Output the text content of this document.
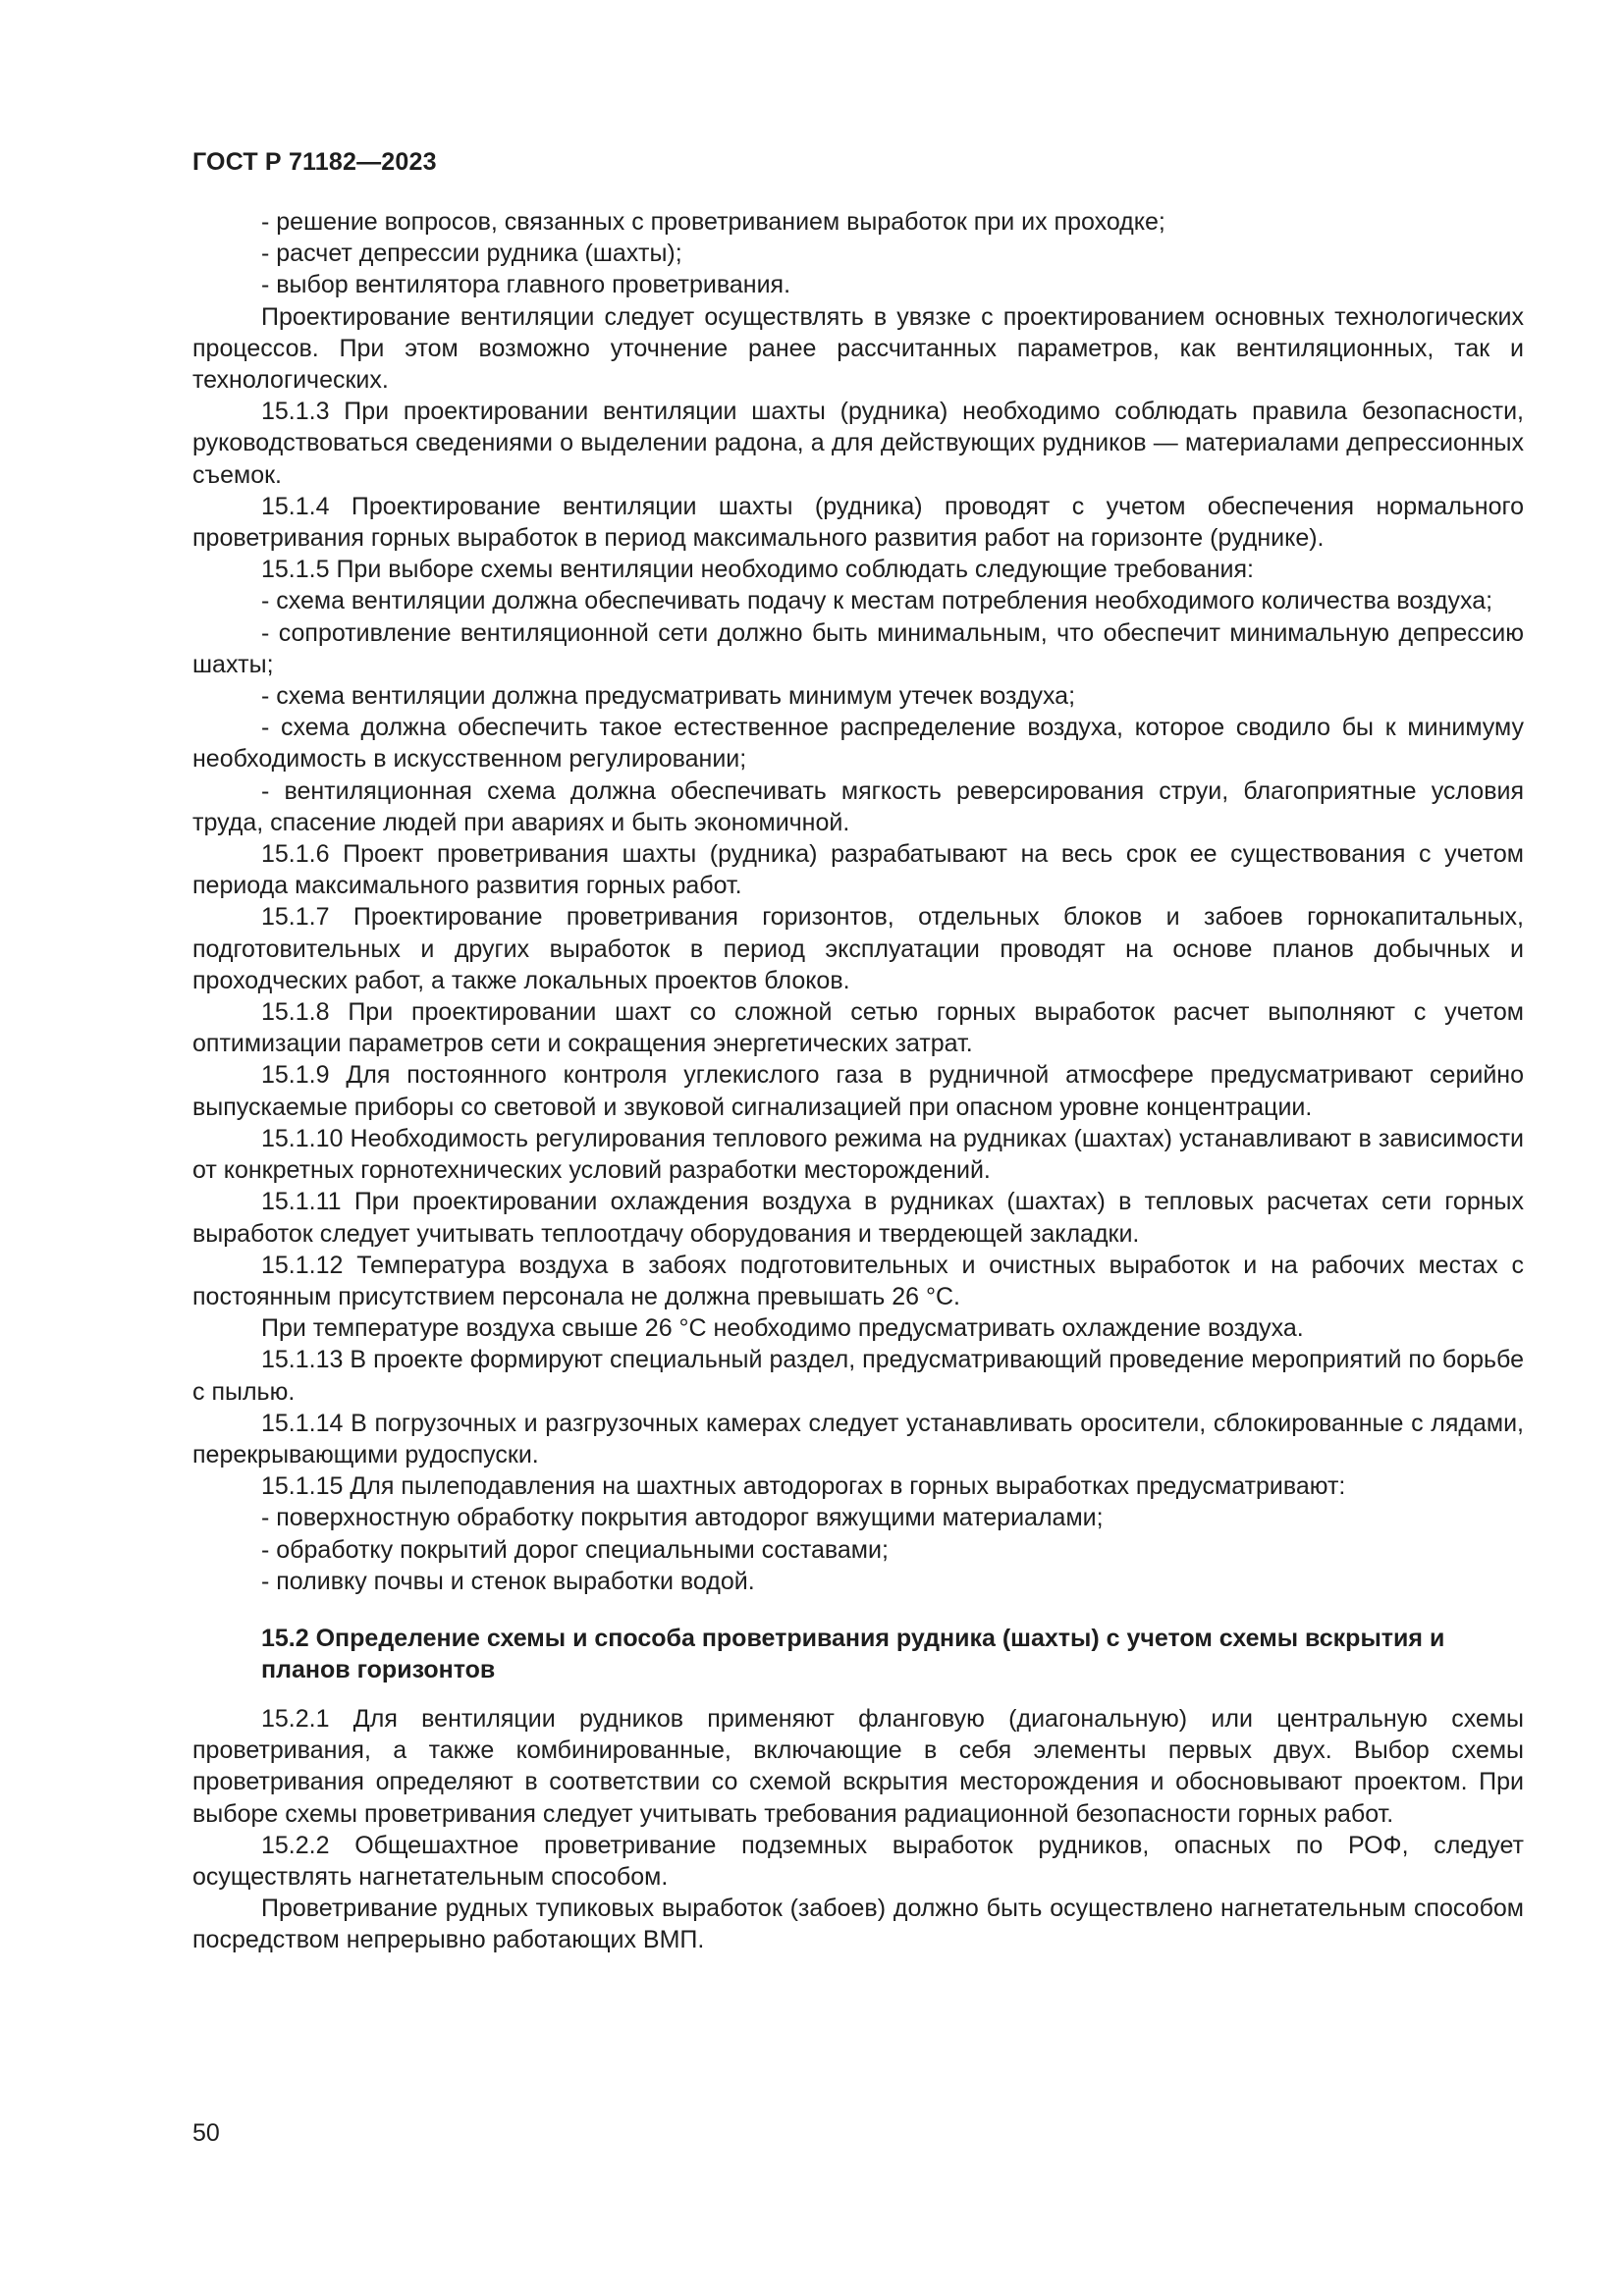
ГОСТ Р 71182—2023

- решение вопросов, связанных с проветриванием выработок при их проходке;

- расчет депрессии рудника (шахты);

- выбор вентилятора главного проветривания.

Проектирование вентиляции следует осуществлять в увязке с проектированием основных технологических процессов. При этом возможно уточнение ранее рассчитанных параметров, как вентиляционных, так и технологических.

15.1.3 При проектировании вентиляции шахты (рудника) необходимо соблюдать правила безопасности, руководствоваться сведениями о выделении радона, а для действующих рудников — материалами депрессионных съемок.

15.1.4 Проектирование вентиляции шахты (рудника) проводят с учетом обеспечения нормального проветривания горных выработок в период максимального развития работ на горизонте (руднике).

15.1.5 При выборе схемы вентиляции необходимо соблюдать следующие требования:

- схема вентиляции должна обеспечивать подачу к местам потребления необходимого количества воздуха;

- сопротивление вентиляционной сети должно быть минимальным, что обеспечит минимальную депрессию шахты;

- схема вентиляции должна предусматривать минимум утечек воздуха;

- схема должна обеспечить такое естественное распределение воздуха, которое сводило бы к минимуму необходимость в искусственном регулировании;

- вентиляционная схема должна обеспечивать мягкость реверсирования струи, благоприятные условия труда, спасение людей при авариях и быть экономичной.

15.1.6 Проект проветривания шахты (рудника) разрабатывают на весь срок ее существования с учетом периода максимального развития горных работ.

15.1.7 Проектирование проветривания горизонтов, отдельных блоков и забоев горнокапитальных, подготовительных и других выработок в период эксплуатации проводят на основе планов добычных и проходческих работ, а также локальных проектов блоков.

15.1.8 При проектировании шахт со сложной сетью горных выработок расчет выполняют с учетом оптимизации параметров сети и сокращения энергетических затрат.

15.1.9 Для постоянного контроля углекислого газа в рудничной атмосфере предусматривают серийно выпускаемые приборы со световой и звуковой сигнализацией при опасном уровне концентрации.

15.1.10 Необходимость регулирования теплового режима на рудниках (шахтах) устанавливают в зависимости от конкретных горнотехнических условий разработки месторождений.

15.1.11 При проектировании охлаждения воздуха в рудниках (шахтах) в тепловых расчетах сети горных выработок следует учитывать теплоотдачу оборудования и твердеющей закладки.

15.1.12 Температура воздуха в забоях подготовительных и очистных выработок и на рабочих местах с постоянным присутствием персонала не должна превышать 26 °С.

При температуре воздуха свыше 26 °С необходимо предусматривать охлаждение воздуха.

15.1.13 В проекте формируют специальный раздел, предусматривающий проведение мероприятий по борьбе с пылью.

15.1.14 В погрузочных и разгрузочных камерах следует устанавливать оросители, сблокированные с лядами, перекрывающими рудоспуски.

15.1.15 Для пылеподавления на шахтных автодорогах в горных выработках предусматривают:

- поверхностную обработку покрытия автодорог вяжущими материалами;

- обработку покрытий дорог специальными составами;

- поливку почвы и стенок выработки водой.

15.2 Определение схемы и способа проветривания рудника (шахты) с учетом схемы вскрытия и планов горизонтов

15.2.1 Для вентиляции рудников применяют фланговую (диагональную) или центральную схемы проветривания, а также комбинированные, включающие в себя элементы первых двух. Выбор схемы проветривания определяют в соответствии со схемой вскрытия месторождения и обосновывают проектом. При выборе схемы проветривания следует учитывать требования радиационной безопасности горных работ.

15.2.2 Общешахтное проветривание подземных выработок рудников, опасных по РОФ, следует осуществлять нагнетательным способом.

Проветривание рудных тупиковых выработок (забоев) должно быть осуществлено нагнетательным способом посредством непрерывно работающих ВМП.

50
